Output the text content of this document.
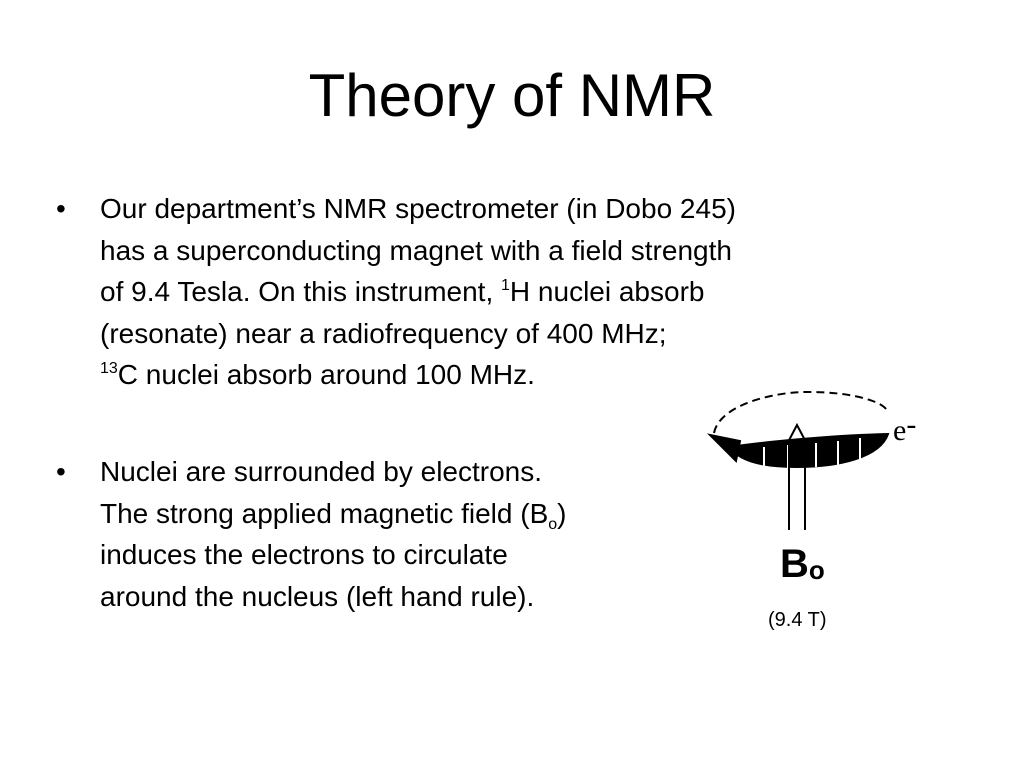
Theory of NMR
•	Our department’s NMR spectrometer (in Dobo 245)
has a superconducting magnet with a field strength
of 9.4 Tesla. On this instrument, $^1$H nuclei absorb
(resonate) near a radiofrequency of 400 MHz;
$^{13}$C nuclei absorb around 100 MHz.
•	Nuclei are surrounded by electrons.
The strong applied magnetic field $(B_o)$
induces the electrons to circulate
around the nucleus (left hand rule).
e-
Bo
(9.4 T)
